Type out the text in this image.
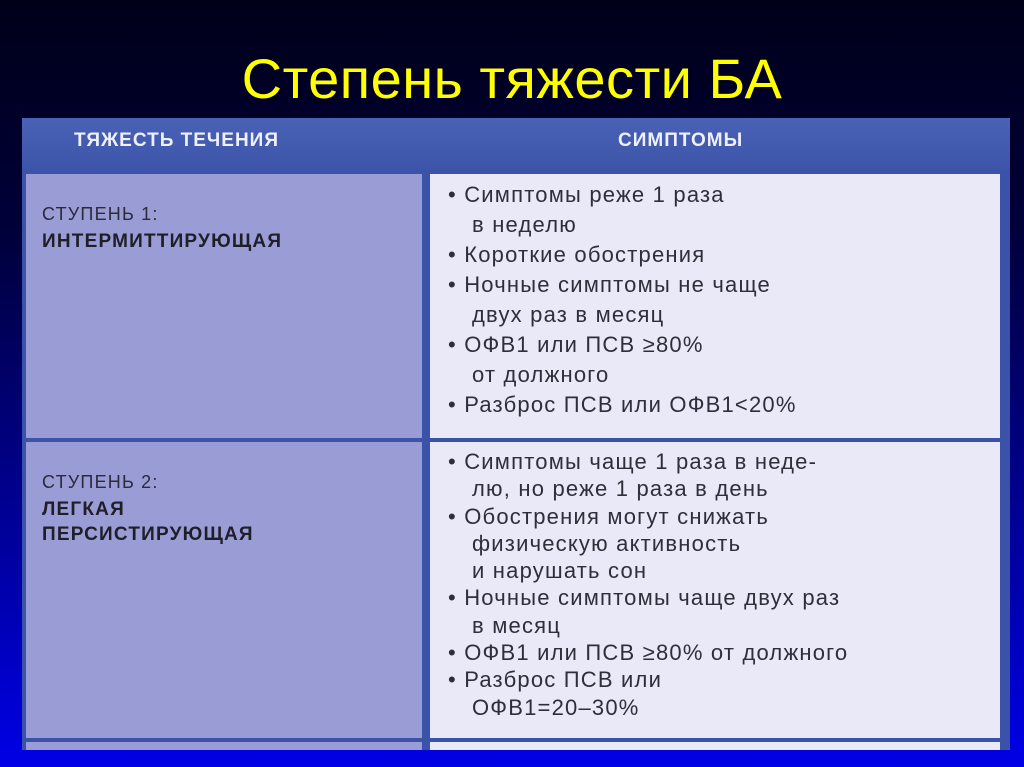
Степень тяжести БА
ТЯЖЕСТЬ ТЕЧЕНИЯ	СИМПТОМЫ
СТУПЕНЬ 1:
ИНТЕРМИТТИРУЮЩАЯ
• Симптомы реже 1 раза
в неделю
• Короткие обострения
• Ночные симптомы не чаще
двух раз в месяц
• ОФВ1 или ПСВ ≥80%
от должного
• Разброс ПСВ или ОФВ1<20%
СТУПЕНЬ 2:
ЛЕГКАЯ
ПЕРСИСТИРУЮЩАЯ
• Симптомы чаще 1 раза в неде-
лю, но реже 1 раза в день
• Обострения могут снижать
физическую активность
и нарушать сон
• Ночные симптомы чаще двух раз
в месяц
• ОФВ1 или ПСВ ≥80% от должного
• Разброс ПСВ или
ОФВ1=20–30%
